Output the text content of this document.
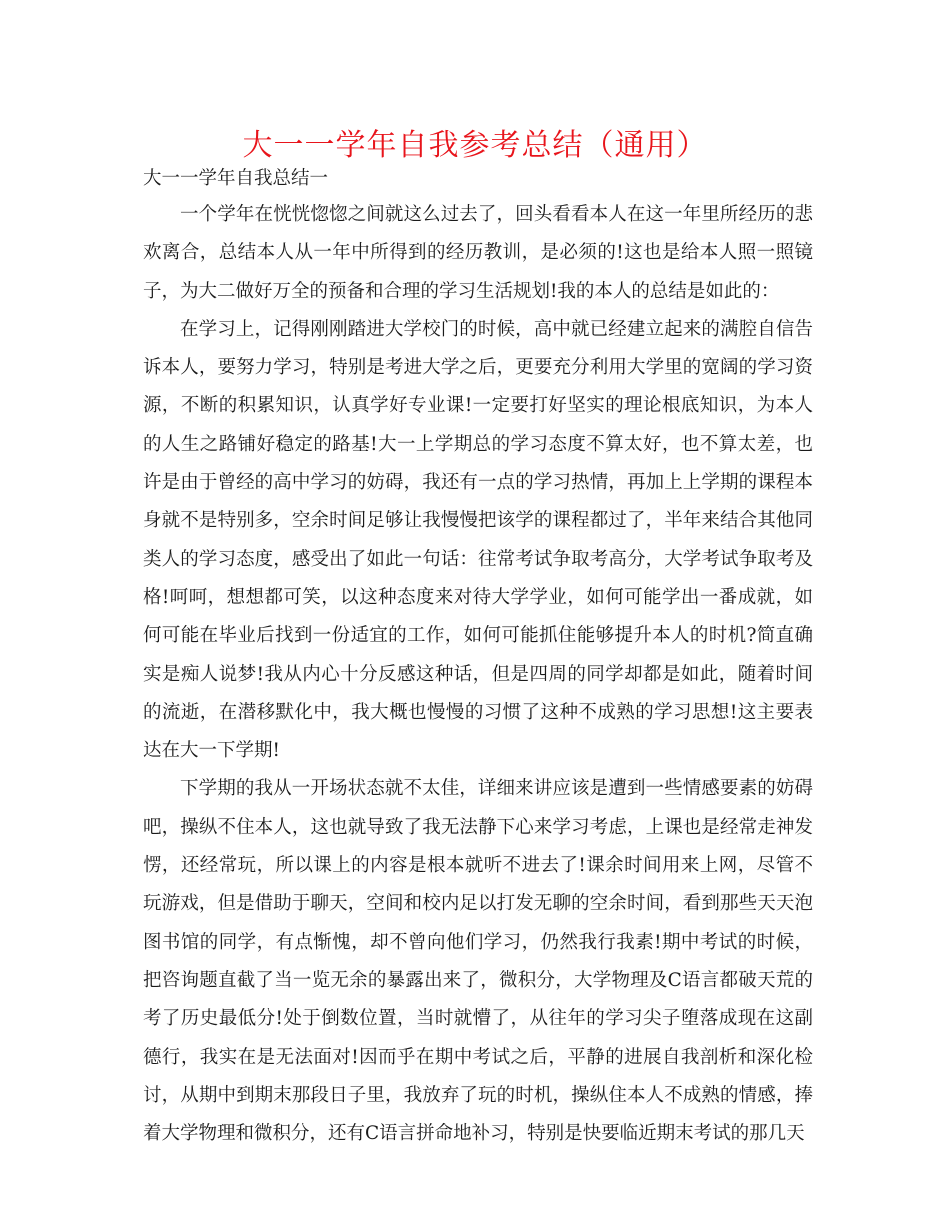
大一一学年自我参考总结（通用）

大一一学年自我总结一

一个学年在恍恍惚惚之间就这么过去了，回头看看本人在这一年里所经历的悲欢离合，总结本人从一年中所得到的经历教训，是必须的!这也是给本人照一照镜子，为大二做好万全的预备和合理的学习生活规划!我的本人的总结是如此的：

在学习上，记得刚刚踏进大学校门的时候，高中就已经建立起来的满腔自信告诉本人，要努力学习，特别是考进大学之后，更要充分利用大学里的宽阔的学习资源，不断的积累知识，认真学好专业课!一定要打好坚实的理论根底知识，为本人的人生之路铺好稳定的路基!大一上学期总的学习态度不算太好，也不算太差，也许是由于曾经的高中学习的妨碍，我还有一点的学习热情，再加上上学期的课程本身就不是特别多，空余时间足够让我慢慢把该学的课程都过了，半年来结合其他同类人的学习态度，感受出了如此一句话：往常考试争取考高分，大学考试争取考及格!呵呵，想想都可笑，以这种态度来对待大学学业，如何可能学出一番成就，如何可能在毕业后找到一份适宜的工作，如何可能抓住能够提升本人的时机?简直确实是痴人说梦!我从内心十分反感这种话，但是四周的同学却都是如此，随着时间的流逝，在潜移默化中，我大概也慢慢的习惯了这种不成熟的学习思想!这主要表达在大一下学期!

下学期的我从一开场状态就不太佳，详细来讲应该是遭到一些情感要素的妨碍吧，操纵不住本人，这也就导致了我无法静下心来学习考虑，上课也是经常走神发愣，还经常玩，所以课上的内容是根本就听不进去了!课余时间用来上网，尽管不玩游戏，但是借助于聊天，空间和校内足以打发无聊的空余时间，看到那些天天泡图书馆的同学，有点惭愧，却不曾向他们学习，仍然我行我素!期中考试的时候，把咨询题直截了当一览无余的暴露出来了，微积分，大学物理及C语言都破天荒的考了历史最低分!处于倒数位置，当时就懵了，从往年的学习尖子堕落成现在这副德行，我实在是无法面对!因而乎在期中考试之后，平静的进展自我剖析和深化检讨，从期中到期末那段日子里，我放弃了玩的时机，操纵住本人不成熟的情感，捧着大学物理和微积分，还有C语言拼命地补习，特别是快要临近期末考试的那几天
